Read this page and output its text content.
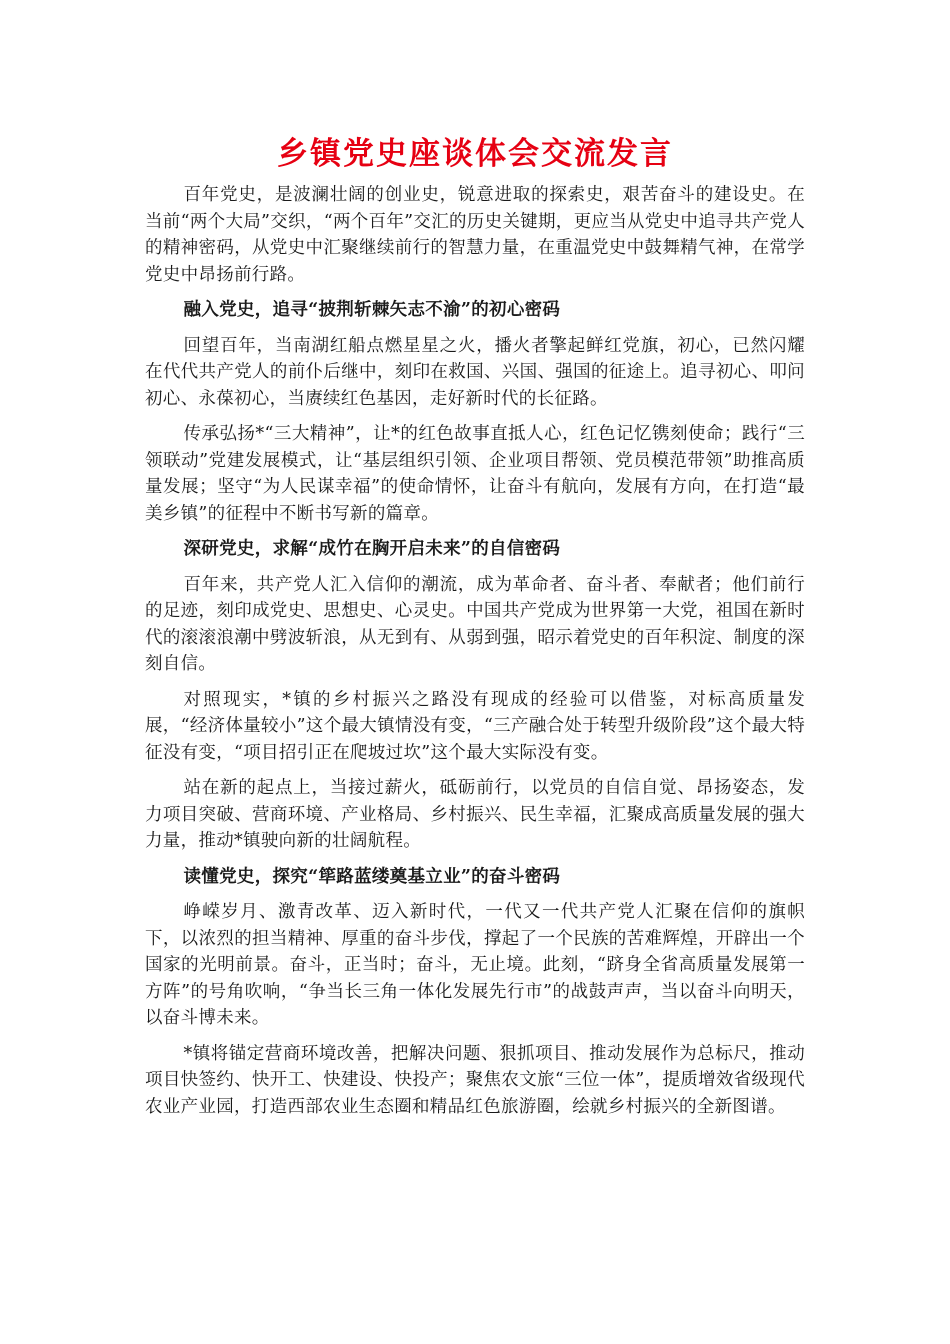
乡镇党史座谈体会交流发言

百年党史，是波澜壮阔的创业史，锐意进取的探索史，艰苦奋斗的建设史。在当前“两个大局”交织，“两个百年”交汇的历史关键期，更应当从党史中追寻共产党人的精神密码，从党史中汇聚继续前行的智慧力量，在重温党史中鼓舞精气神，在常学党史中昂扬前行路。

融入党史，追寻“披荆斩棘矢志不渝”的初心密码

回望百年，当南湖红船点燃星星之火，播火者擎起鲜红党旗，初心，已然闪耀在代代共产党人的前仆后继中，刻印在救国、兴国、强国的征途上。追寻初心、叩问初心、永葆初心，当赓续红色基因，走好新时代的长征路。

传承弘扬*“三大精神”，让*的红色故事直抵人心，红色记忆镌刻使命；践行“三领联动”党建发展模式，让“基层组织引领、企业项目帮领、党员模范带领”助推高质量发展；坚守“为人民谋幸福”的使命情怀，让奋斗有航向，发展有方向，在打造“最美乡镇”的征程中不断书写新的篇章。

深研党史，求解“成竹在胸开启未来”的自信密码

百年来，共产党人汇入信仰的潮流，成为革命者、奋斗者、奉献者；他们前行的足迹，刻印成党史、思想史、心灵史。中国共产党成为世界第一大党，祖国在新时代的滚滚浪潮中劈波斩浪，从无到有、从弱到强，昭示着党史的百年积淀、制度的深刻自信。

对照现实，*镇的乡村振兴之路没有现成的经验可以借鉴，对标高质量发展，“经济体量较小”这个最大镇情没有变，“三产融合处于转型升级阶段”这个最大特征没有变，“项目招引正在爬坡过坎”这个最大实际没有变。

站在新的起点上，当接过薪火，砥砺前行，以党员的自信自觉、昂扬姿态，发力项目突破、营商环境、产业格局、乡村振兴、民生幸福，汇聚成高质量发展的强大力量，推动*镇驶向新的壮阔航程。

读懂党史，探究“筚路蓝缕奠基立业”的奋斗密码

峥嵘岁月、激青改革、迈入新时代，一代又一代共产党人汇聚在信仰的旗帜下，以浓烈的担当精神、厚重的奋斗步伐，撑起了一个民族的苦难辉煌，开辟出一个国家的光明前景。奋斗，正当时；奋斗，无止境。此刻，“跻身全省高质量发展第一方阵”的号角吹响，“争当长三角一体化发展先行市”的战鼓声声，当以奋斗向明天，以奋斗博未来。

*镇将锚定营商环境改善，把解决问题、狠抓项目、推动发展作为总标尺，推动项目快签约、快开工、快建设、快投产；聚焦农文旅“三位一体”，提质增效省级现代农业产业园，打造西部农业生态圈和精品红色旅游圈，绘就乡村振兴的全新图谱。
